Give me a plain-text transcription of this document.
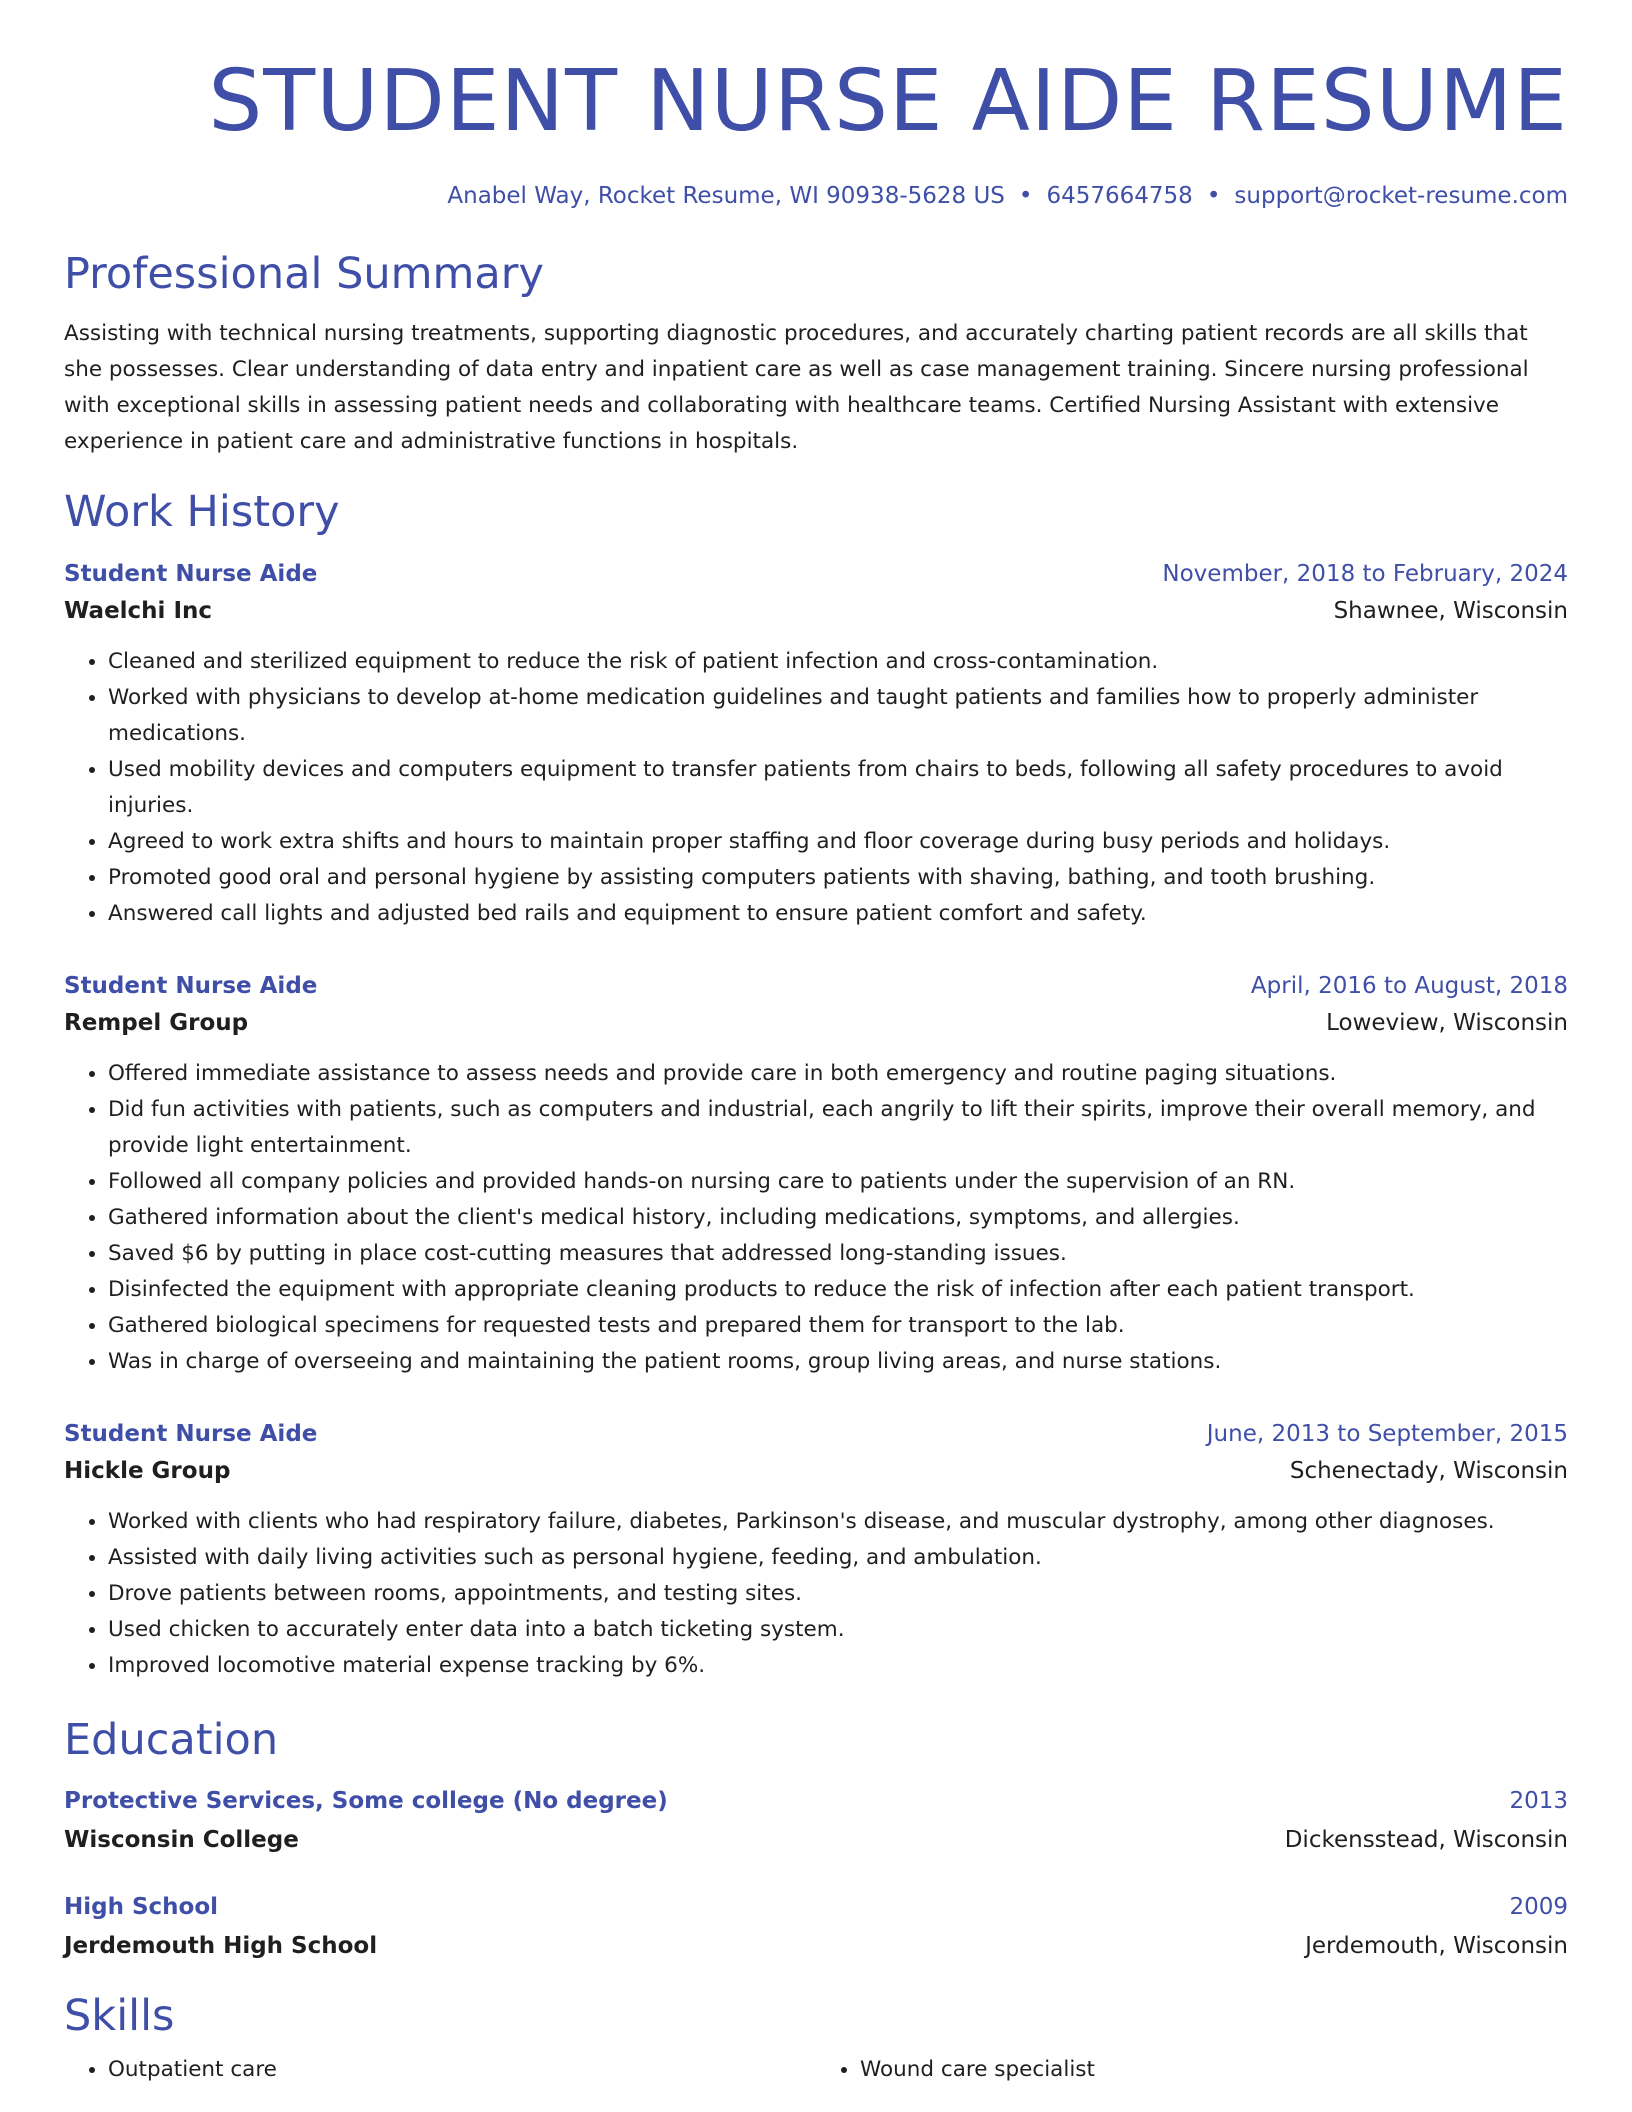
STUDENT NURSE AIDE RESUME
Anabel Way, Rocket Resume, WI 90938-5628 US • 6457664758 • support@rocket-resume.com
Professional Summary
Assisting with technical nursing treatments, supporting diagnostic procedures, and accurately charting patient records are all skills that she possesses. Clear understanding of data entry and inpatient care as well as case management training. Sincere nursing professional with exceptional skills in assessing patient needs and collaborating with healthcare teams. Certified Nursing Assistant with extensive experience in patient care and administrative functions in hospitals.
Work History
Student Nurse Aide	November, 2018 to February, 2024
Waelchi Inc	Shawnee, Wisconsin
• Cleaned and sterilized equipment to reduce the risk of patient infection and cross-contamination.
• Worked with physicians to develop at-home medication guidelines and taught patients and families how to properly administer medications.
• Used mobility devices and computers equipment to transfer patients from chairs to beds, following all safety procedures to avoid injuries.
• Agreed to work extra shifts and hours to maintain proper staffing and floor coverage during busy periods and holidays.
• Promoted good oral and personal hygiene by assisting computers patients with shaving, bathing, and tooth brushing.
• Answered call lights and adjusted bed rails and equipment to ensure patient comfort and safety.
Student Nurse Aide	April, 2016 to August, 2018
Rempel Group	Loweview, Wisconsin
• Offered immediate assistance to assess needs and provide care in both emergency and routine paging situations.
• Did fun activities with patients, such as computers and industrial, each angrily to lift their spirits, improve their overall memory, and provide light entertainment.
• Followed all company policies and provided hands-on nursing care to patients under the supervision of an RN.
• Gathered information about the client's medical history, including medications, symptoms, and allergies.
• Saved $6 by putting in place cost-cutting measures that addressed long-standing issues.
• Disinfected the equipment with appropriate cleaning products to reduce the risk of infection after each patient transport.
• Gathered biological specimens for requested tests and prepared them for transport to the lab.
• Was in charge of overseeing and maintaining the patient rooms, group living areas, and nurse stations.
Student Nurse Aide	June, 2013 to September, 2015
Hickle Group	Schenectady, Wisconsin
• Worked with clients who had respiratory failure, diabetes, Parkinson's disease, and muscular dystrophy, among other diagnoses.
• Assisted with daily living activities such as personal hygiene, feeding, and ambulation.
• Drove patients between rooms, appointments, and testing sites.
• Used chicken to accurately enter data into a batch ticketing system.
• Improved locomotive material expense tracking by 6%.
Education
Protective Services, Some college (No degree)	2013
Wisconsin College	Dickensstead, Wisconsin
High School	2009
Jerdemouth High School	Jerdemouth, Wisconsin
Skills
• Outpatient care
•	Wound care specialist
